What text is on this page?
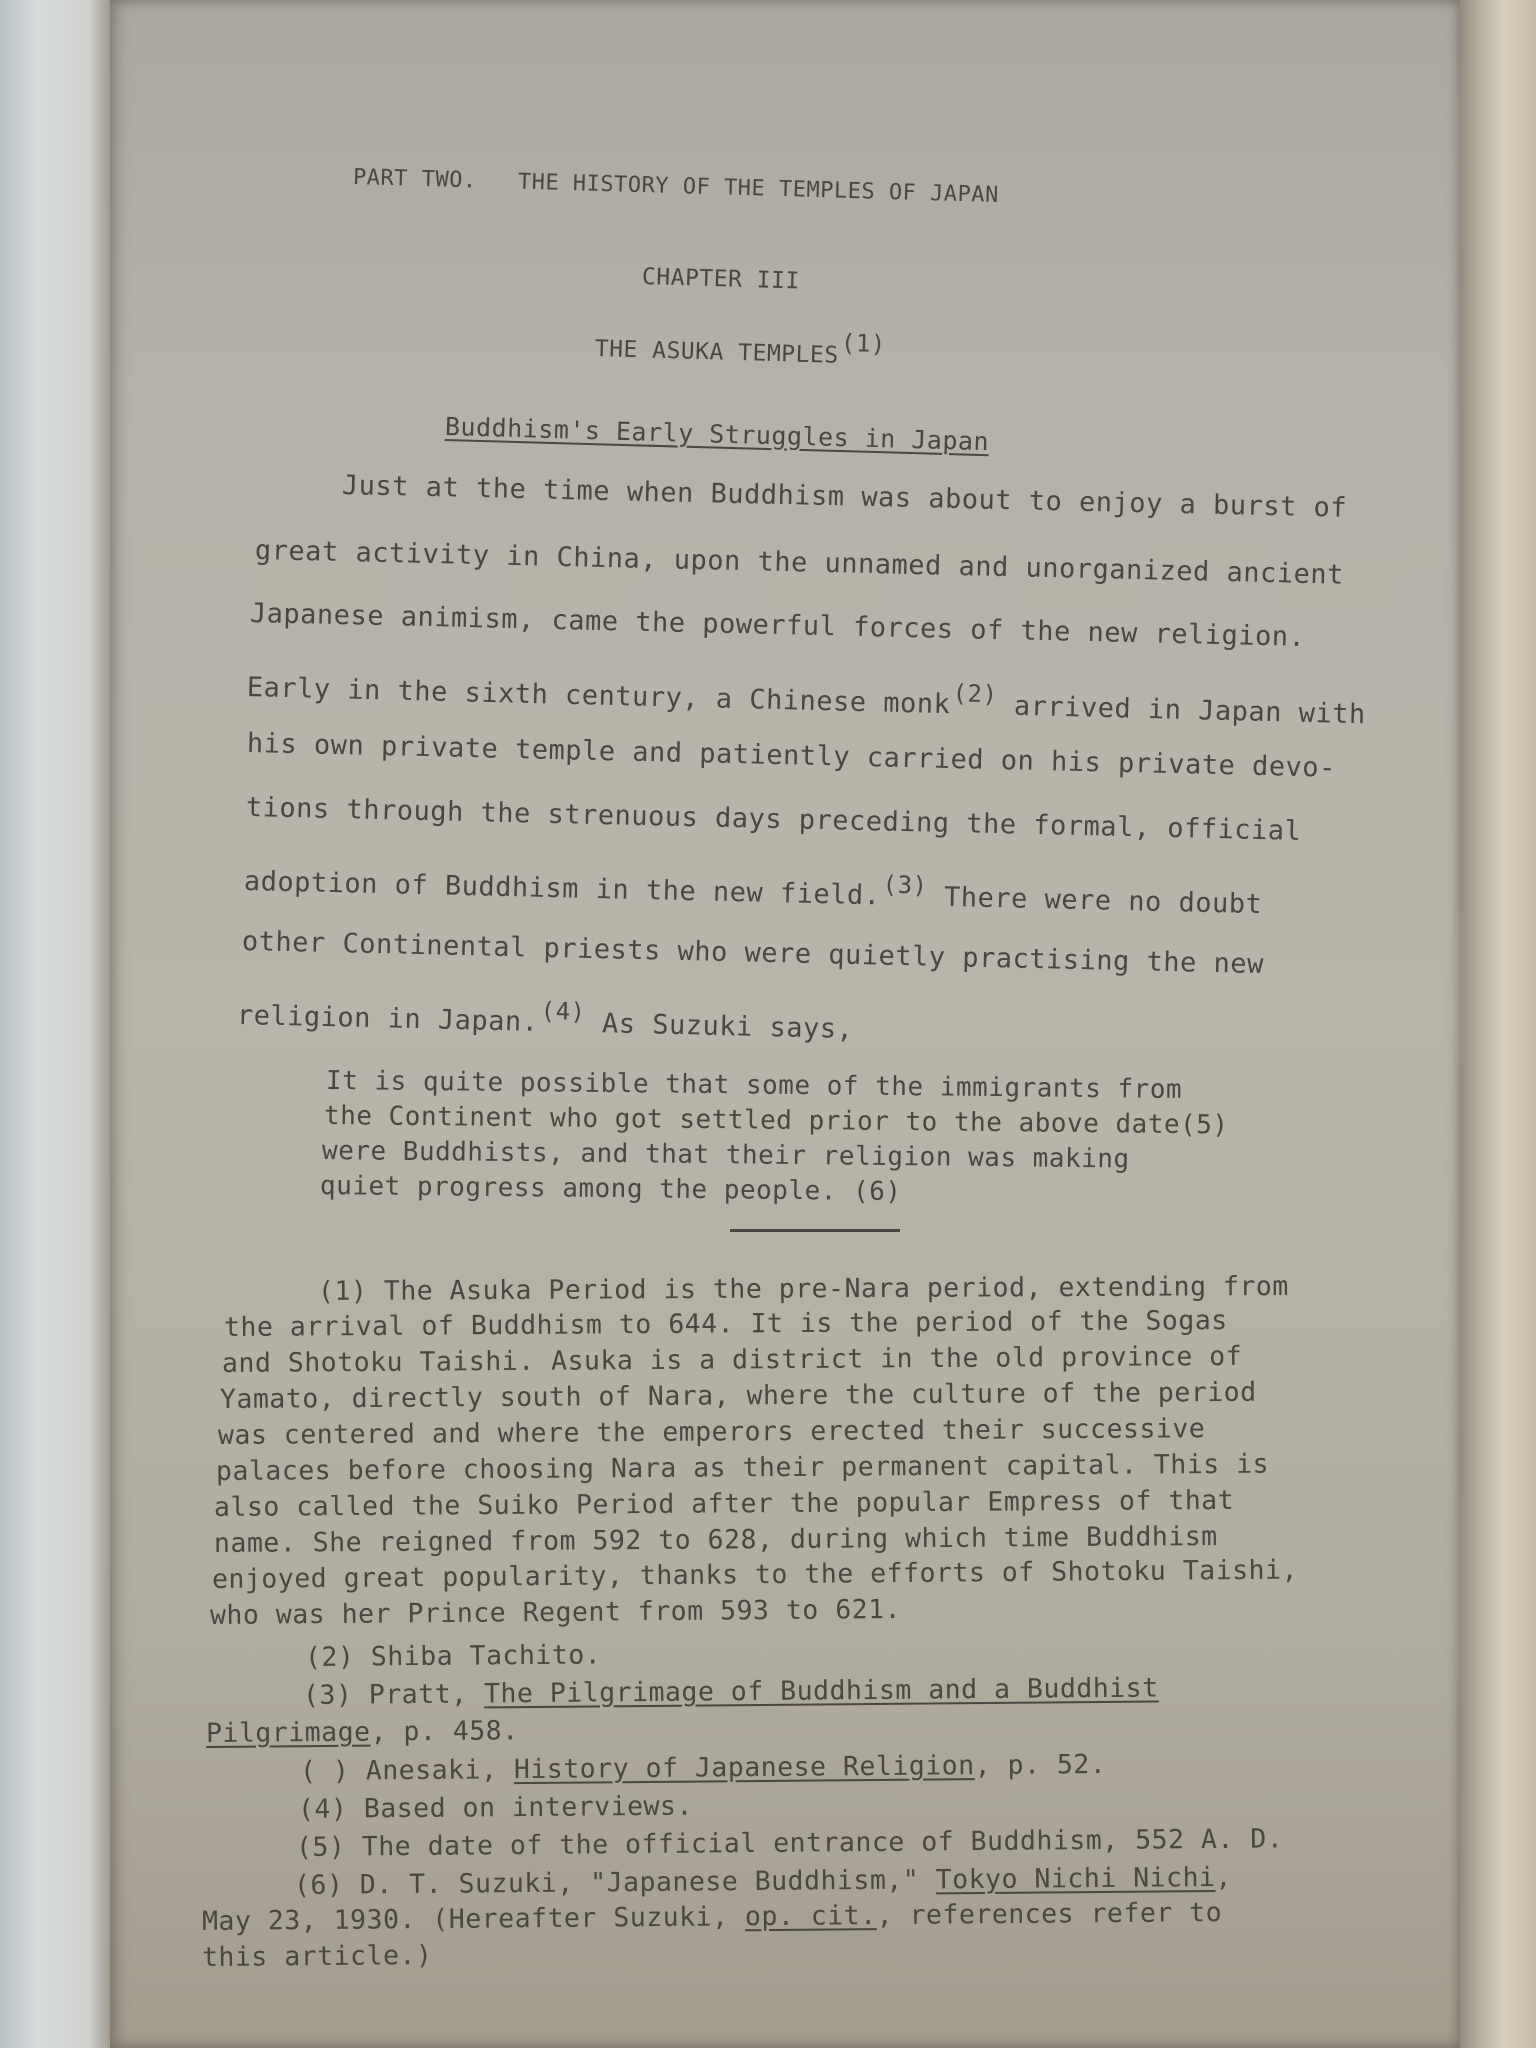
PART TWO. THE HISTORY OF THE TEMPLES OF JAPAN
CHAPTER III
THE ASUKA TEMPLES$^{(1)}$
Buddhism's Early Struggles in Japan
Just at the time when Buddhism was about to enjoy a burst of
great activity in China, upon the unnamed and unorganized ancient
Japanese animism, came the powerful forces of the new religion.
Early in the sixth century, a Chinese monk$^{(2)}$ arrived in Japan with
his own private temple and patiently carried on his private devo-
tions through the strenuous days preceding the formal, official
adoption of Buddhism in the new field.$^{(3)}$ There were no doubt
other Continental priests who were quietly practising the new
religion in Japan.$^{(4)}$ As Suzuki says,
It is quite possible that some of the immigrants from
the Continent who got settled prior to the above date(5)
were Buddhists, and that their religion was making
quiet progress among the people. (6)
(1) The Asuka Period is the pre-Nara period, extending from
the arrival of Buddhism to 644. It is the period of the Sogas
and Shotoku Taishi. Asuka is a district in the old province of
Yamato, directly south of Nara, where the culture of the period
was centered and where the emperors erected their successive
palaces before choosing Nara as their permanent capital. This is
also called the Suiko Period after the popular Empress of that
name. She reigned from 592 to 628, during which time Buddhism
enjoyed great popularity, thanks to the efforts of Shotoku Taishi,
who was her Prince Regent from 593 to 621.
(2) Shiba Tachito.
(3) Pratt, The Pilgrimage of Buddhism and a Buddhist
Pilgrimage, p. 458.
( ) Anesaki, History of Japanese Religion, p. 52.
(4) Based on interviews.
(5) The date of the official entrance of Buddhism, 552 A. D.
(6) D. T. Suzuki, "Japanese Buddhism," Tokyo Nichi Nichi,
May 23, 1930. (Hereafter Suzuki, op. cit., references refer to
this article.)
